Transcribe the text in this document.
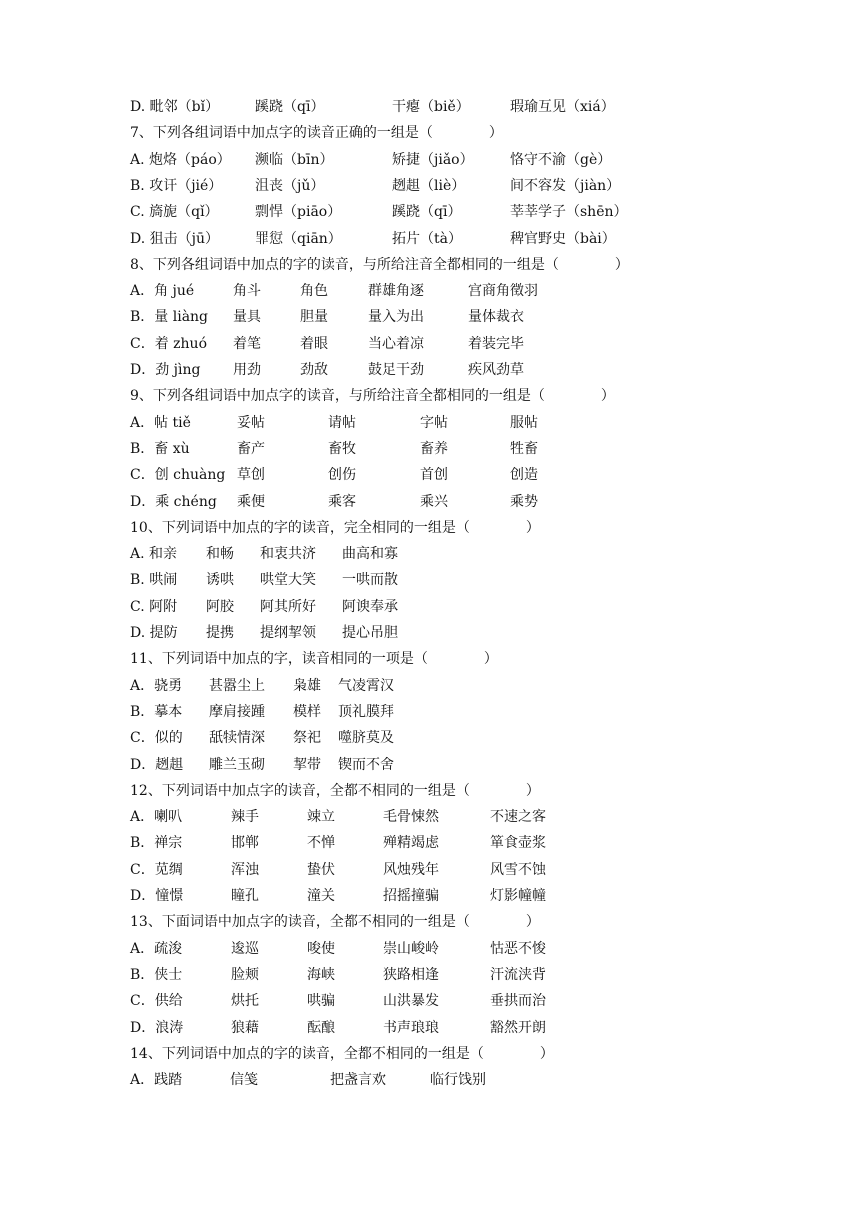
D. 毗邻（bǐ）	蹊跷（qī）	干瘪（biě）	瑕瑜互见（xiá）
7、下列各组词语中加点字的读音正确的一组是（　　　　）
A. 炮烙（páo） 濒临（bīn）	矫捷（jiǎo）	恪守不渝（gè）
B. 攻讦（jié） 沮丧（jǔ）	趔趄（liè）	间不容发（jiàn）
C. 旖旎（qǐ）	剽悍（piāo）	蹊跷（qī）	莘莘学子（shēn）
D. 狙击（jū）	罪愆（qiān）	拓片（tà）	稗官野史（bài）
8、下列各组词语中加点的字的读音，与所给注音全都相同的一组是（　　　　）
A．角 jué	角斗	角色	群雄角逐	宫商角徵羽
B．量 liàng 量具	胆量	量入为出	量体裁衣
C．着 zhuó 着笔	着眼	当心着凉	着装完毕
D．劲 jìng 用劲	劲敌	鼓足干劲	疾风劲草
9、下列各组词语中加点字的读音，与所给注音全都相同的一组是（　　　　）
A．帖 tiě	妥帖	请帖	字帖	服帖
B．畜 xù	畜产	畜牧	畜养	牲畜
C．创 chuàng 草创	创伤	首创	创造
D．乘 chéng 乘便	乘客	乘兴	乘势
10、下列词语中加点的字的读音，完全相同的一组是（　　　　）
A. 和亲 和畅 和衷共济 曲高和寡
B. 哄闹 诱哄 哄堂大笑 一哄而散
C. 阿附 阿胶 阿其所好 阿谀奉承
D. 提防 提携 提纲挈领 提心吊胆
11、下列词语中加点的字，读音相同的一项是（　　　　）
A．骁勇 甚嚣尘上 枭雄 气凌霄汉
B．摹本 摩肩接踵 模样 顶礼膜拜
C．似的 舐犊情深 祭祀 噬脐莫及
D．趔趄 雕兰玉砌 挈带 锲而不舍
12、下列词语中加点字的读音，全都不相同的一组是（　　　　）
A．喇叭	辣手	竦立	毛骨悚然	不速之客
B．禅宗	邯郸	不惮	殚精竭虑	箪食壶浆
C．苋绸	浑浊	蛰伏	风烛残年	风雪不蚀
D．憧憬	瞳孔	潼关	招摇撞骗	灯影幢幢
13、下面词语中加点字的读音，全都不相同的一组是（　　　　）
A．疏浚	逡巡	唆使	崇山峻岭	怙恶不悛
B．侠士	脸颊	海峡	狭路相逢	汗流浃背
C．供给	烘托	哄骗	山洪暴发	垂拱而治
D．浪涛	狼藉	酝酿	书声琅琅	豁然开朗
14、下列词语中加点的字的读音，全都不相同的一组是（　　　　）
A．践踏	信笺	把盏言欢	临行饯别
